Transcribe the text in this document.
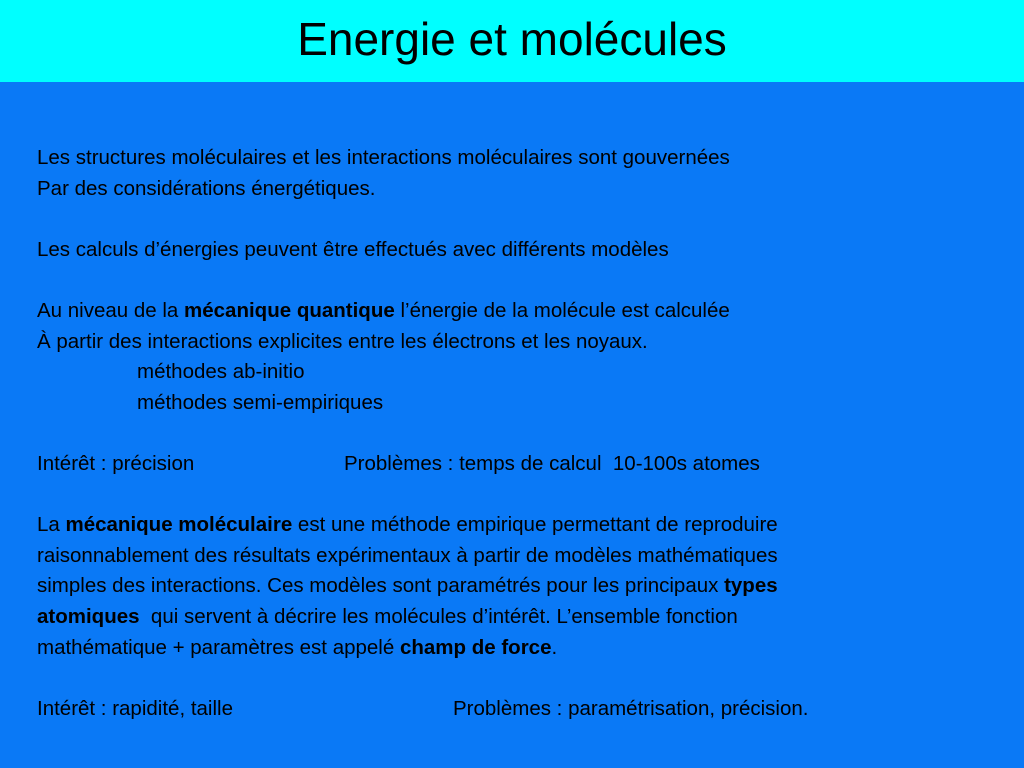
Energie et molécules
Les structures moléculaires et les interactions moléculaires sont gouvernées
Par des considérations énergétiques.
Les calculs d’énergies peuvent être effectués avec différents modèles
Au niveau de la mécanique quantique l’énergie de la molécule est calculée
À partir des interactions explicites entre les électrons et les noyaux.
méthodes ab-initio
méthodes semi-empiriques
Intérêt : précision	Problèmes : temps de calcul  10-100s atomes
La mécanique moléculaire est une méthode empirique permettant de reproduire
raisonnablement des résultats expérimentaux à partir de modèles mathématiques
simples des interactions. Ces modèles sont paramétrés pour les principaux types
atomiques  qui servent à décrire les molécules d’intérêt. L’ensemble fonction
mathématique + paramètres est appelé champ de force.
Intérêt : rapidité, taille	Problèmes : paramétrisation, précision.
